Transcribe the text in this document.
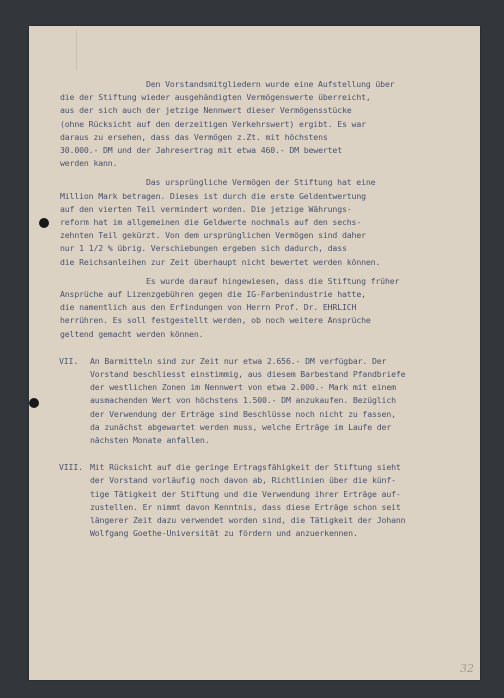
Den Vorstandsmitgliedern wurde eine Aufstellung über
die der Stiftung wieder ausgehändigten Vermögenswerte überreicht,
aus der sich auch der jetzige Nennwert dieser Vermögensstücke
(ohne Rücksicht auf den derzeitigen Verkehrswert) ergibt. Es war
daraus zu ersehen, dass das Vermögen z.Zt. mit höchstens
30.000.- DM und der Jahresertrag mit etwa 460.- DM bewertet
werden kann.
Das ursprüngliche Vermögen der Stiftung hat eine
Million Mark betragen. Dieses ist durch die erste Geldentwertung
auf den vierten Teil vermindert worden. Die jetzige Währungs-
reform hat im allgemeinen die Geldwerte nochmals auf den sechs-
zehnten Teil gekürzt. Von dem ursprünglichen Vermögen sind daher
nur 1 1/2 % übrig. Verschiebungen ergeben sich dadurch, dass
die Reichsanleihen zur Zeit überhaupt nicht bewertet werden können.
Es wurde darauf hingewiesen, dass die Stiftung früher
Ansprüche auf Lizenzgebühren gegen die IG-Farbenindustrie hatte,
die namentlich aus den Erfindungen von Herrn Prof. Dr. EHRLICH
herrühren. Es soll festgestellt werden, ob noch weitere Ansprüche
geltend gemacht werden können.
VII. An Barmitteln sind zur Zeit nur etwa 2.656.- DM verfügbar. Der
Vorstand beschliesst einstimmig, aus diesem Barbestand Pfandbriefe
der westlichen Zonen im Nennwert von etwa 2.000.- Mark mit einem
ausmachenden Wert von höchstens 1.500.- DM anzukaufen. Bezüglich
der Verwendung der Erträge sind Beschlüsse noch nicht zu fassen,
da zunächst abgewartet werden muss, welche Erträge im Laufe der
nächsten Monate anfallen.
VIII. Mit Rücksicht auf die geringe Ertragsfähigkeit der Stiftung sieht
der Vorstand vorläufig noch davon ab, Richtlinien über die künf-
tige Tätigkeit der Stiftung und die Verwendung ihrer Erträge auf-
zustellen. Er nimmt davon Kenntnis, dass diese Erträge schon seit
längerer Zeit dazu verwendet worden sind, die Tätigkeit der Johann
Wolfgang Goethe-Universität zu fördern und anzuerkennen.
32
